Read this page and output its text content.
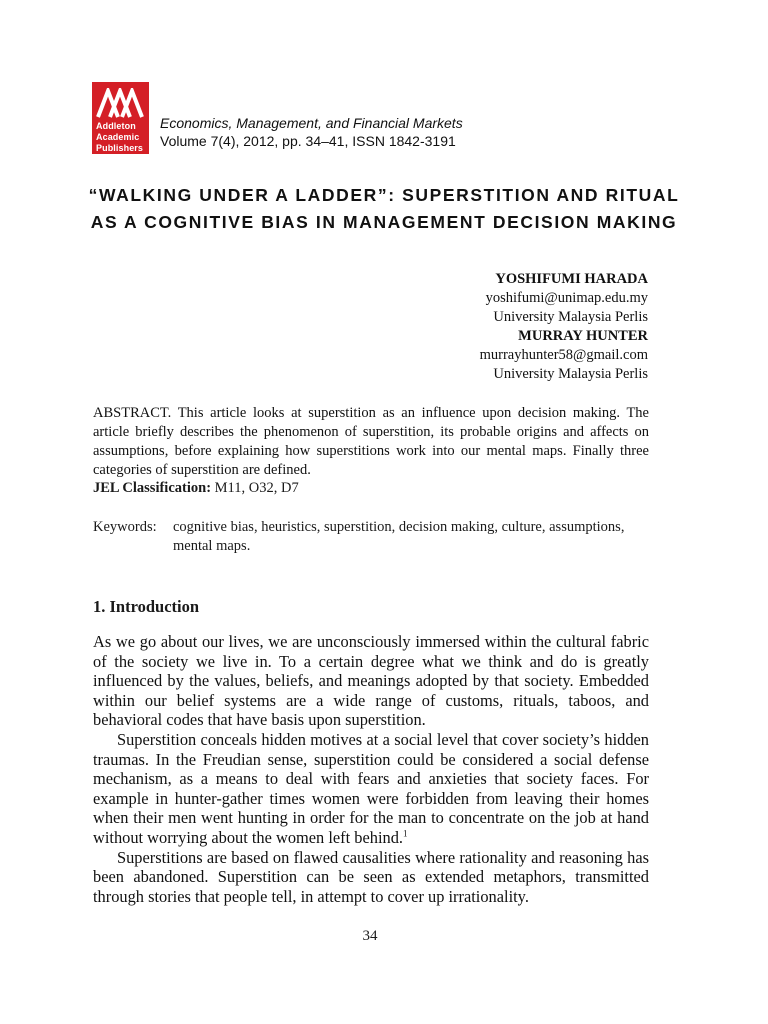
Addleton
Academic
Publishers
Economics, Management, and Financial Markets
Volume 7(4), 2012, pp. 34–41, ISSN 1842-3191
“WALKING UNDER A LADDER”: SUPERSTITION AND RITUAL
AS A COGNITIVE BIAS IN MANAGEMENT DECISION MAKING
YOSHIFUMI HARADA
yoshifumi@unimap.edu.my
University Malaysia Perlis
MURRAY HUNTER
murrayhunter58@gmail.com
University Malaysia Perlis
ABSTRACT. This article looks at superstition as an influence upon decision making. The article briefly describes the phenomenon of superstition, its probable origins and affects on assumptions, before explaining how superstitions work into our mental maps. Finally three categories of superstition are defined.
JEL Classification: M11, O32, D7
Keywords:	cognitive bias, heuristics, superstition, decision making, culture, assumptions, mental maps.
1. Introduction

As we go about our lives, we are unconsciously immersed within the cultural fabric of the society we live in. To a certain degree what we think and do is greatly influenced by the values, beliefs, and meanings adopted by that society. Embedded within our belief systems are a wide range of customs, rituals, taboos, and behavioral codes that have basis upon superstition.

Superstition conceals hidden motives at a social level that cover society’s hidden traumas. In the Freudian sense, superstition could be considered a social defense mechanism, as a means to deal with fears and anxieties that society faces. For example in hunter-gather times women were forbidden from leaving their homes when their men went hunting in order for the man to concentrate on the job at hand without worrying about the women left behind.$^1$

Superstitions are based on flawed causalities where rationality and reasoning has been abandoned. Superstition can be seen as extended metaphors, transmitted through stories that people tell, in attempt to cover up irrationality.

34
